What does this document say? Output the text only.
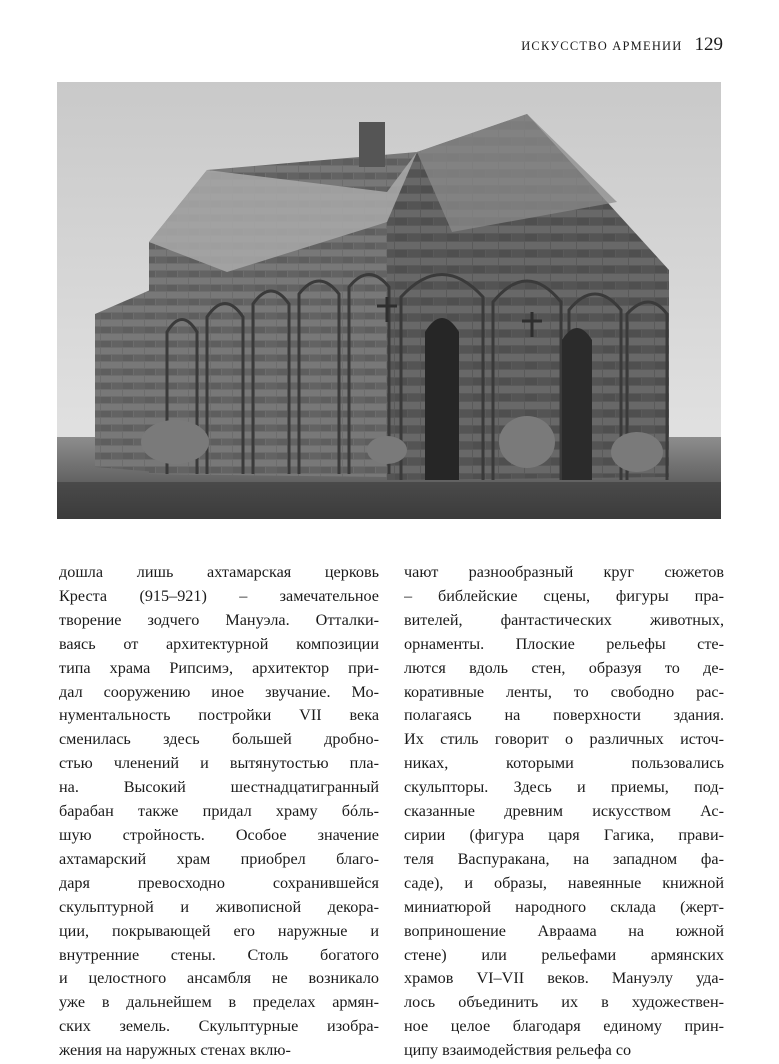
ИСКУССТВО АРМЕНИИ 129
дошла лишь ахтамарская церковь
Креста (915–921) – замечательное
творение зодчего Мануэла. Отталки-
ваясь от архитектурной композиции
типа храма Рипсимэ, архитектор при-
дал сооружению иное звучание. Мо-
нументальность постройки VII века
сменилась здесь большей дробно-
стью членений и вытянутостью пла-
на. Высокий шестнадцатигранный
барабан также придал храму бóль-
шую стройность. Особое значение
ахтамарский храм приобрел благо-
даря превосходно сохранившейся
скульптурной и живописной декора-
ции, покрывающей его наружные и
внутренние стены. Столь богатого
и целостного ансамбля не возникало
уже в дальнейшем в пределах армян-
ских земель. Скульптурные изобра-
жения на наружных стенах вклю-
чают разнообразный круг сюжетов
– библейские сцены, фигуры пра-
вителей, фантастических животных,
орнаменты. Плоские рельефы сте-
лются вдоль стен, образуя то де-
коративные ленты, то свободно рас-
полагаясь на поверхности здания.
Их стиль говорит о различных источ-
никах, которыми пользовались
скульпторы. Здесь и приемы, под-
сказанные древним искусством Ас-
сирии (фигура царя Гагика, прави-
теля Васпуракана, на западном фа-
саде), и образы, навеянные книжной
миниатюрой народного склада (жерт-
воприношение Авраама на южной
стене) или рельефами армянских
храмов VI–VII веков. Мануэлу уда-
лось объединить их в художествен-
ное целое благодаря единому прин-
ципу взаимодействия рельефа со
